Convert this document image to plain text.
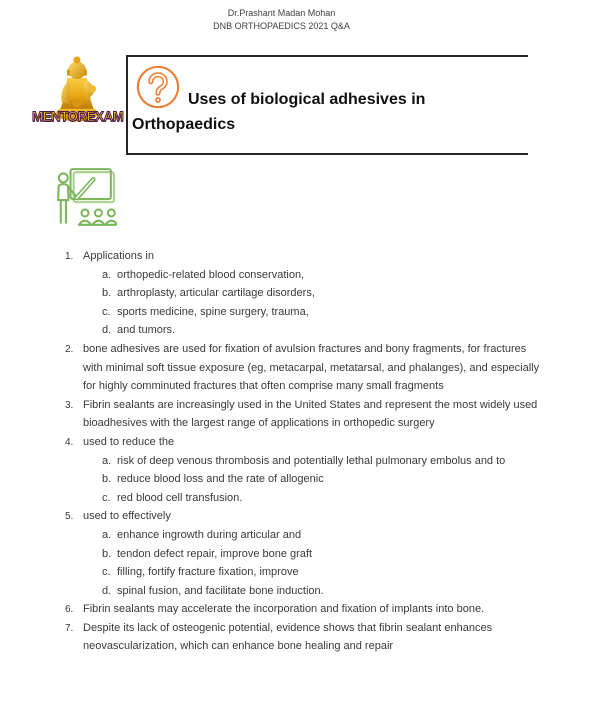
Dr.Prashant Madan Mohan
DNB ORTHOPAEDICS 2021 Q&A
MENTOREXAM

Uses of biological adhesives in Orthopaedics

1. Applications in
a. orthopedic-related blood conservation,
b. arthroplasty, articular cartilage disorders,
c. sports medicine, spine surgery, trauma,
d. and tumors.
2. bone adhesives are used for fixation of avulsion fractures and bony fragments, for fractures with minimal soft tissue exposure (eg, metacarpal, metatarsal, and phalanges), and especially for highly comminuted fractures that often comprise many small fragments
3. Fibrin sealants are increasingly used in the United States and represent the most widely used bioadhesives with the largest range of applications in orthopedic surgery
4. used to reduce the
a. risk of deep venous thrombosis and potentially lethal pulmonary embolus and to
b. reduce blood loss and the rate of allogenic
c. red blood cell transfusion.
5. used to effectively
a. enhance ingrowth during articular and
b. tendon defect repair, improve bone graft
c. filling, fortify fracture fixation, improve
d. spinal fusion, and facilitate bone induction.
6. Fibrin sealants may accelerate the incorporation and fixation of implants into bone.
7. Despite its lack of osteogenic potential, evidence shows that fibrin sealant enhances neovascularization, which can enhance bone healing and repair
